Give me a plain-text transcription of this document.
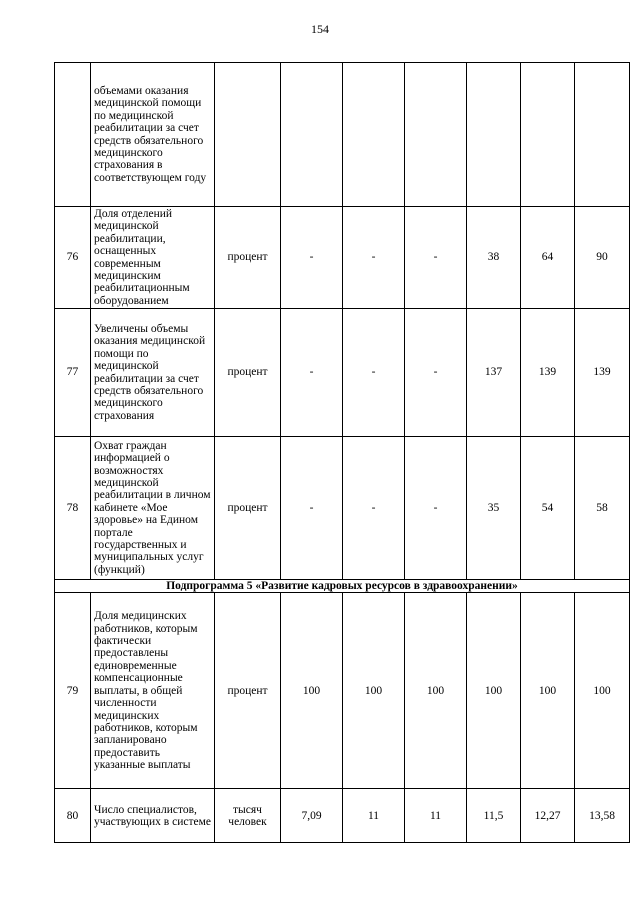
154
	объемами оказания медицинской помощи по медицинской реабилитации за счет средств обязательного медицинского страхования в соответствующем году							
76	Доля отделений медицинской реабилитации, оснащенных современным медицинским реабилитационным оборудованием	процент	-	-	-	38	64	90
77	Увеличены объемы оказания медицинской помощи по медицинской реабилитации за счет средств обязательного медицинского страхования	процент	-	-	-	137	139	139
78	Охват граждан информацией о возможностях медицинской реабилитации в личном кабинете «Мое здоровье» на Едином портале государственных и муниципальных услуг (функций)	процент	-	-	-	35	54	58
Подпрограмма 5 «Развитие кадровых ресурсов в здравоохранении»								
79	Доля медицинских работников, которым фактически предоставлены единовременные компенсационные выплаты, в общей численности медицинских работников, которым запланировано предоставить указанные выплаты	процент	100	100	100	100	100	100
80	Число специалистов, участвующих в системе	тысяч человек	7,09	11	11	11,5	12,27	13,58
